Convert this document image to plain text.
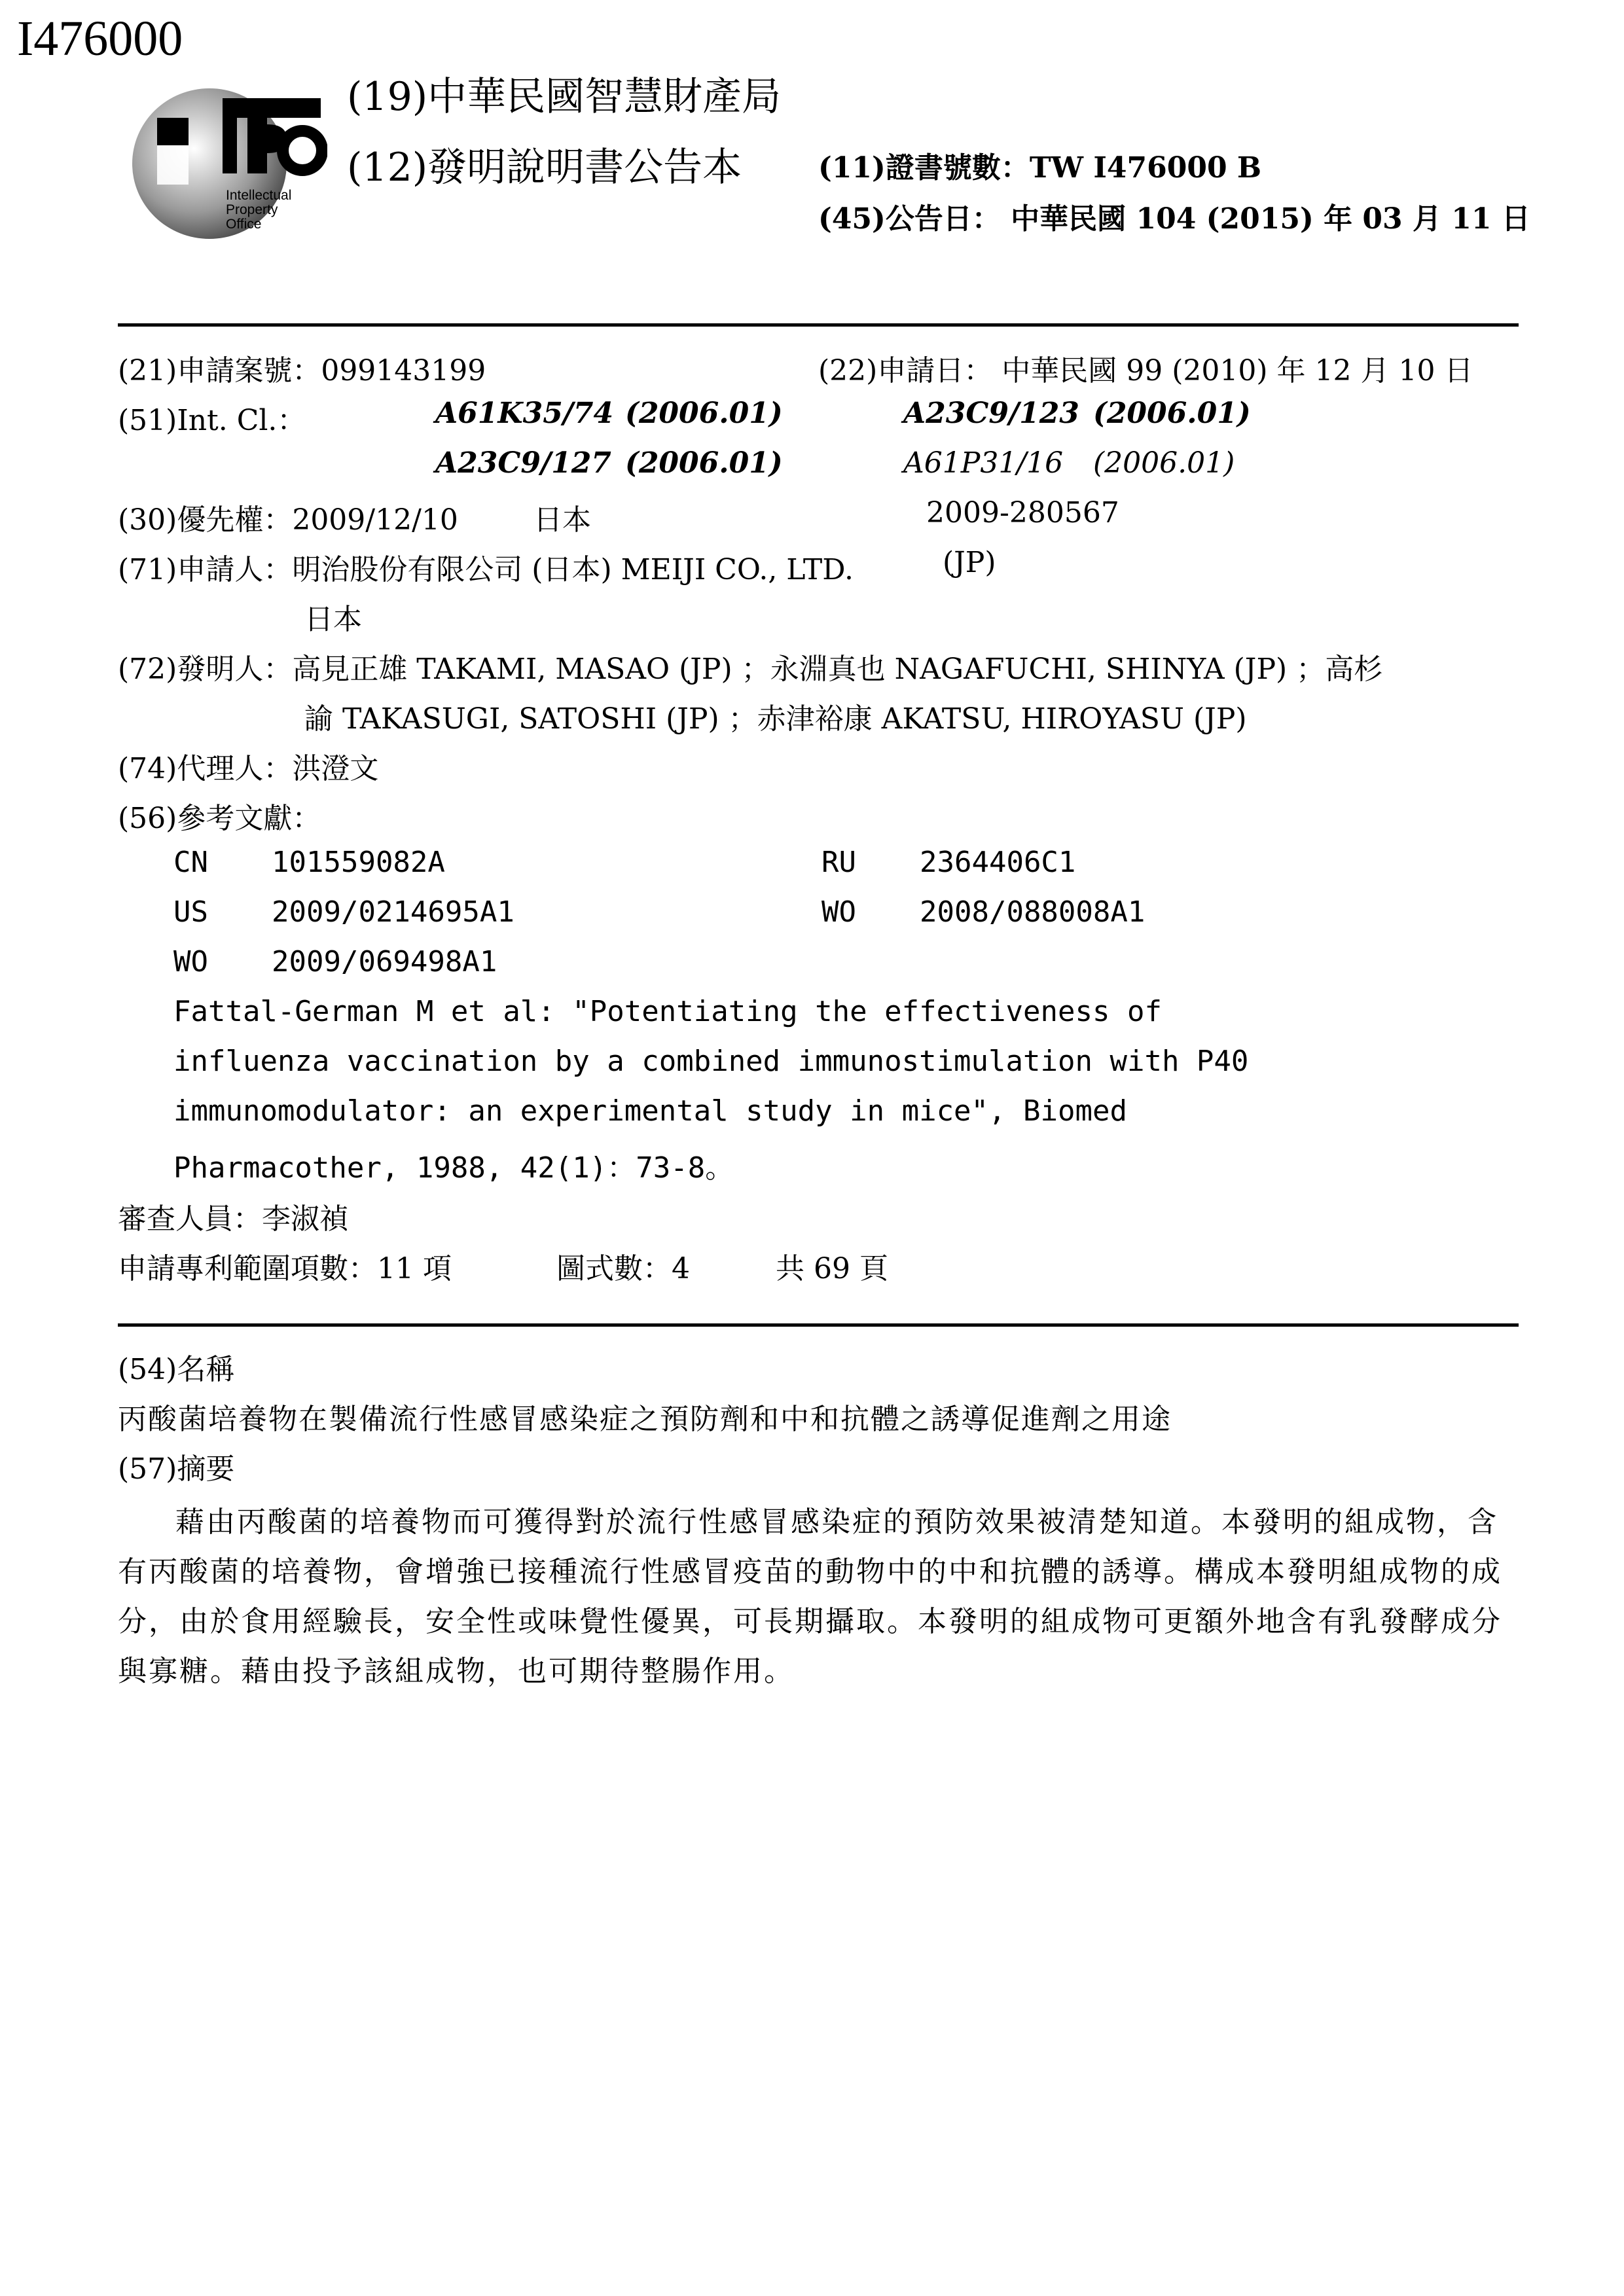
I476000
Intellectual
Property
Office
(19)中華民國智慧財產局
(12)發明說明書公告本	(11)證書號數：TW I476000 B
(45)公告日： 中華民國 104 (2015) 年 03 月 11 日
(21)申請案號：099143199	(22)申請日： 中華民國 99 (2010) 年 12 月 10 日
(51)Int. Cl.：	A61K35/74 (2006.01)	A23C9/123 (2006.01)
A23C9/127 (2006.01)	A61P31/16 (2006.01)
(30)優先權：2009/12/10	日本	2009-280567
(71)申請人：明治股份有限公司 (日本) MEIJI CO., LTD.	(JP)
日本
(72)發明人：高見正雄 TAKAMI, MASAO (JP) ；永淵真也 NAGAFUCHI, SHINYA (JP) ；高杉
諭 TAKASUGI, SATOSHI (JP) ；赤津裕康 AKATSU, HIROYASU (JP)
(74)代理人：洪澄文
(56)參考文獻：
CN 101559082A	RU 2364406C1
US 2009/0214695A1	WO 2008/088008A1
WO 2009/069498A1
Fattal-German M et al: "Potentiating the effectiveness of
influenza vaccination by a combined immunostimulation with P40
immunomodulator: an experimental study in mice", Biomed
Pharmacother, 1988, 42(1)：73-8。
審查人員：李淑禎
申請專利範圍項數：11 項	圖式數：4	共 69 頁
(54)名稱
丙酸菌培養物在製備流行性感冒感染症之預防劑和中和抗體之誘導促進劑之用途
(57)摘要
藉由丙酸菌的培養物而可獲得對於流行性感冒感染症的預防效果被清楚知道。本發明的組成物，含有丙酸菌的培養物，會增強已接種流行性感冒疫苗的動物中的中和抗體的誘導。構成本發明組成物的成分，由於食用經驗長，安全性或味覺性優異，可長期攝取。本發明的組成物可更額外地含有乳發酵成分與寡糖。藉由投予該組成物，也可期待整腸作用。
